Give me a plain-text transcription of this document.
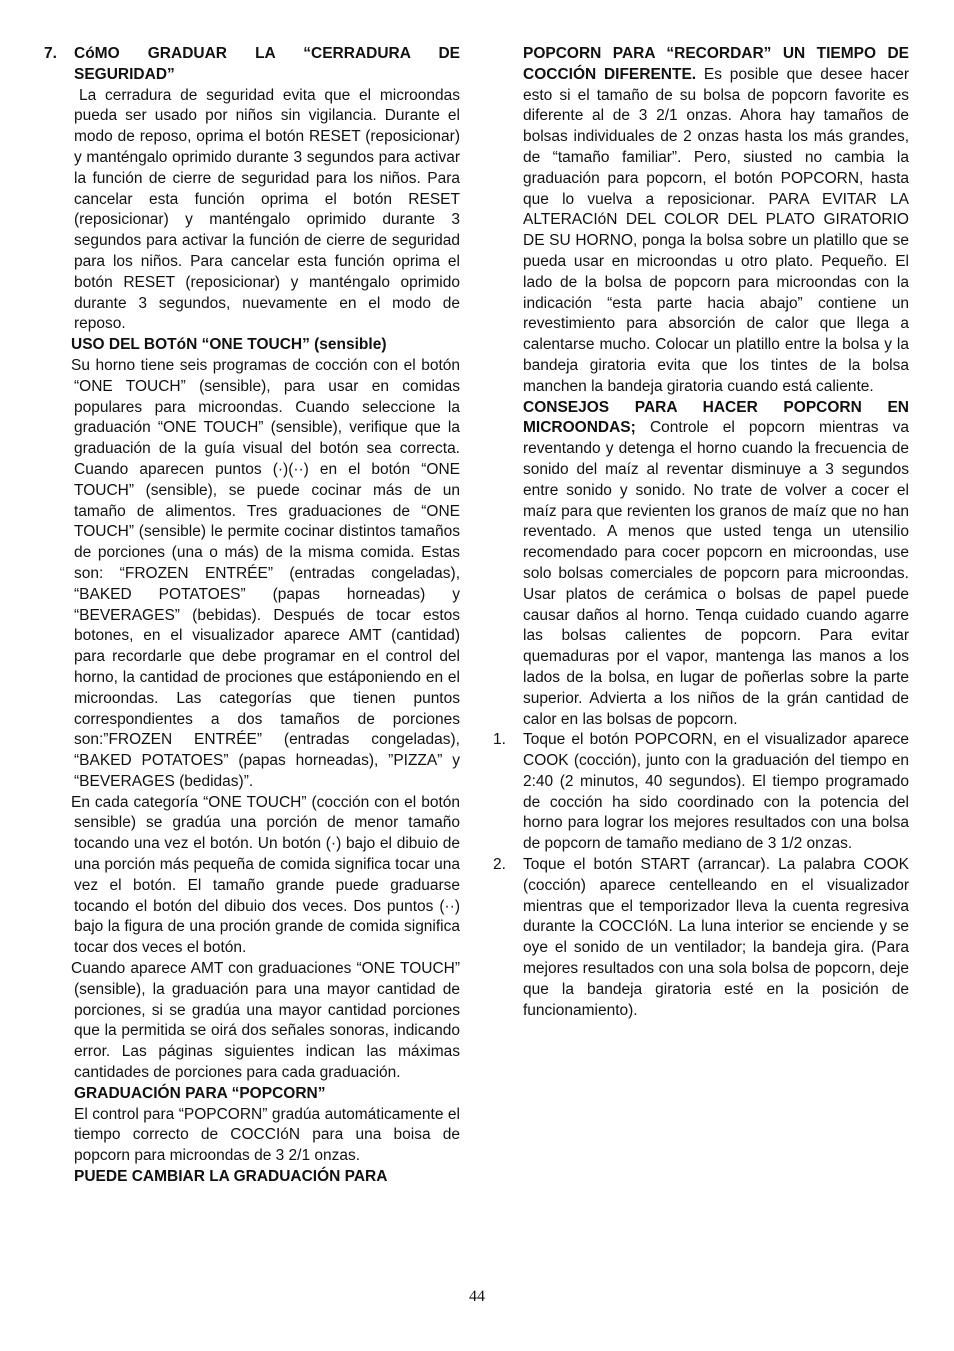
7. CóMO GRADUAR LA “CERRADURA DE SEGURIDAD”

La cerradura de seguridad evita que el microondas pueda ser usado por niños sin vigilancia. Durante el modo de reposo, oprima el botón RESET (reposicionar) y manténgalo oprimido durante 3 segundos para activar la función de cierre de seguridad para los niños. Para cancelar esta función oprima el botón RESET (reposicionar) y manténgalo oprimido durante 3 segundos para activar la función de cierre de seguridad para los niños. Para cancelar esta función oprima el botón RESET (reposicionar) y manténgalo oprimido durante 3 segundos, nuevamente en el modo de reposo.

USO DEL BOTóN “ONE TOUCH” (sensible)

Su horno tiene seis programas de cocción con el botón “ONE TOUCH” (sensible), para usar en comidas populares para microondas. Cuando seleccione la graduación “ONE TOUCH” (sensible), verifique que la graduación de la guía visual del botón sea correcta. Cuando aparecen puntos (·)(··) en el botón “ONE TOUCH” (sensible), se puede cocinar más de un tamaño de alimentos. Tres graduaciones de “ONE TOUCH” (sensible) le permite cocinar distintos tamaños de porciones (una o más) de la misma comida. Estas son: “FROZEN ENTRÉE” (entradas congeladas), “BAKED POTATOES” (papas horneadas) y “BEVERAGES” (bebidas). Después de tocar estos botones, en el visualizador aparece AMT (cantidad) para recordarle que debe programar en el control del horno, la cantidad de prociones que estáponiendo en el microondas. Las categorías que tienen puntos correspondientes a dos tamaños de porciones son:”FROZEN ENTRÉE” (entradas congeladas), “BAKED POTATOES” (papas horneadas), ”PIZZA” y “BEVERAGES (bedidas)”.

En cada categoría “ONE TOUCH” (cocción con el botón sensible) se gradúa una porción de menor tamaño tocando una vez el botón. Un botón (·) bajo el dibuio de una porción más pequeña de comida significa tocar una vez el botón. El tamaño grande puede graduarse tocando el botón del dibuio dos veces. Dos puntos (··) bajo la figura de una proción grande de comida significa tocar dos veces el botón.

Cuando aparece AMT con graduaciones “ONE TOUCH” (sensible), la graduación para una mayor cantidad de porciones, si se gradúa una mayor cantidad porciones que la permitida se oirá dos señales sonoras, indicando error. Las páginas siguientes indican las máximas cantidades de porciones para cada graduación.

GRADUACIÓN PARA “POPCORN”

El control para “POPCORN” gradúa automáticamente el tiempo correcto de COCCIóN para una boisa de popcorn para microondas de 3 2/1 onzas.

PUEDE CAMBIAR LA GRADUACIÓN PARA

POPCORN PARA “RECORDAR” UN TIEMPO DE COCCIÓN DIFERENTE. Es posible que desee hacer esto si el tamaño de su bolsa de popcorn favorite es diferente al de 3 2/1 onzas. Ahora hay tamaños de bolsas individuales de 2 onzas hasta los más grandes, de “tamaño familiar”. Pero, siusted no cambia la graduación para popcorn, el botón POPCORN, hasta que lo vuelva a reposicionar. PARA EVITAR LA ALTERACIóN DEL COLOR DEL PLATO GIRATORIO DE SU HORNO, ponga la bolsa sobre un platillo que se pueda usar en microondas u otro plato. Pequeño. El lado de la bolsa de popcorn para microondas con la indicación “esta parte hacia abajo” contiene un revestimiento para absorción de calor que llega a calentarse mucho. Colocar un platillo entre la bolsa y la bandeja giratoria evita que los tintes de la bolsa manchen la bandeja giratoria cuando está caliente.

CONSEJOS PARA HACER POPCORN EN MICROONDAS; Controle el popcorn mientras va reventando y detenga el horno cuando la frecuencia de sonido del maíz al reventar disminuye a 3 segundos entre sonido y sonido. No trate de volver a cocer el maíz para que revienten los granos de maíz que no han reventado. A menos que usted tenga un utensilio recomendado para cocer popcorn en microondas, use solo bolsas comerciales de popcorn para microondas. Usar platos de cerámica o bolsas de papel puede causar daños al horno. Tenqa cuidado cuando agarre las bolsas calientes de popcorn. Para evitar quemaduras por el vapor, mantenga las manos a los lados de la bolsa, en lugar de poñerlas sobre la parte superior. Advierta a los niños de la grán cantidad de calor en las bolsas de popcorn.

1. Toque el botón POPCORN, en el visualizador aparece COOK (cocción), junto con la graduación del tiempo en 2:40 (2 minutos, 40 segundos). El tiempo programado de cocción ha sido coordinado con la potencia del horno para lograr los mejores resultados con una bolsa de popcorn de tamaño mediano de 3 1/2 onzas.

2. Toque el botón START (arrancar). La palabra COOK (cocción) aparece centelleando en el visualizador mientras que el temporizador lleva la cuenta regresiva durante la COCCIóN. La luna interior se enciende y se oye el sonido de un ventilador; la bandeja gira. (Para mejores resultados con una sola bolsa de popcorn, deje que la bandeja giratoria esté en la posición de funcionamiento).

44
